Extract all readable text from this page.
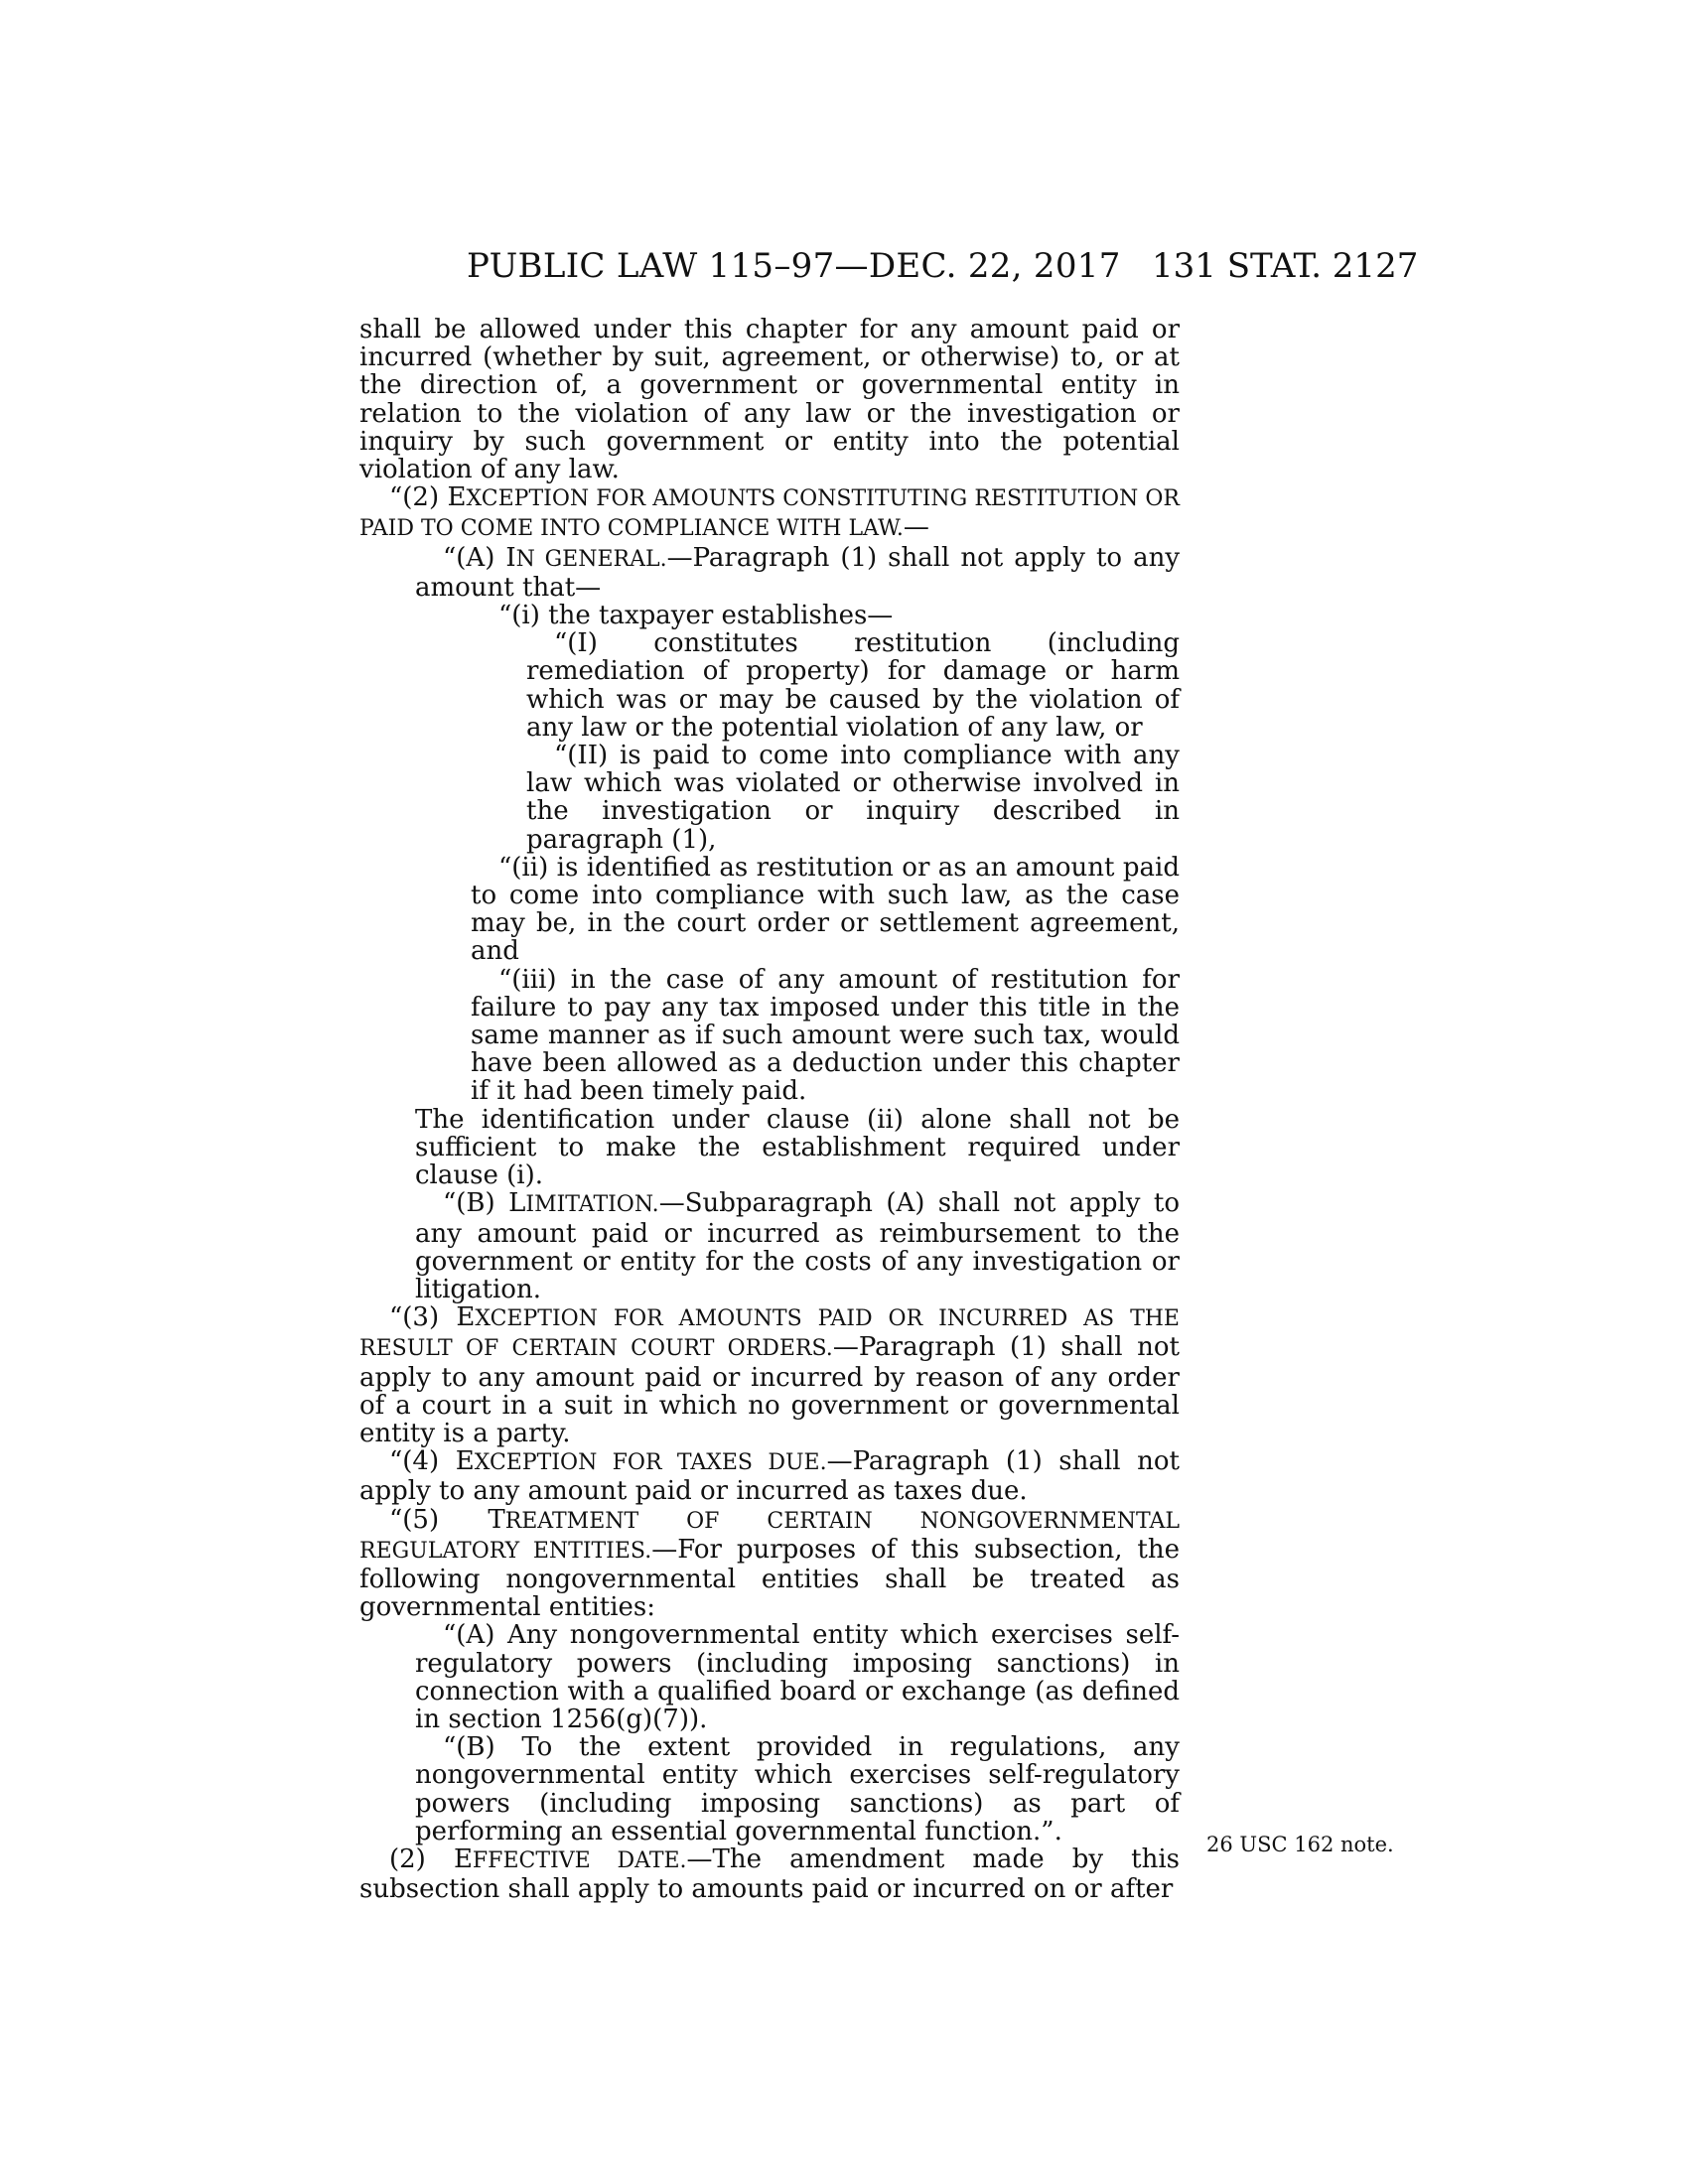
PUBLIC LAW 115–97—DEC. 22, 2017 131 STAT. 2127

shall be allowed under this chapter for any amount paid or incurred (whether by suit, agreement, or otherwise) to, or at the direction of, a government or governmental entity in relation to the violation of any law or the investigation or inquiry by such government or entity into the potential violation of any law.

“(2) EXCEPTION FOR AMOUNTS CONSTITUTING RESTITUTION OR PAID TO COME INTO COMPLIANCE WITH LAW.—

“(A) IN GENERAL.—Paragraph (1) shall not apply to any amount that—

“(i) the taxpayer establishes—

“(I) constitutes restitution (including remediation of property) for damage or harm which was or may be caused by the violation of any law or the potential violation of any law, or

“(II) is paid to come into compliance with any law which was violated or otherwise involved in the investigation or inquiry described in paragraph (1),

“(ii) is identified as restitution or as an amount paid to come into compliance with such law, as the case may be, in the court order or settlement agreement, and

“(iii) in the case of any amount of restitution for failure to pay any tax imposed under this title in the same manner as if such amount were such tax, would have been allowed as a deduction under this chapter if it had been timely paid.

The identification under clause (ii) alone shall not be sufficient to make the establishment required under clause (i).

“(B) LIMITATION.—Subparagraph (A) shall not apply to any amount paid or incurred as reimbursement to the government or entity for the costs of any investigation or litigation.

“(3) EXCEPTION FOR AMOUNTS PAID OR INCURRED AS THE RESULT OF CERTAIN COURT ORDERS.—Paragraph (1) shall not apply to any amount paid or incurred by reason of any order of a court in a suit in which no government or governmental entity is a party.

“(4) EXCEPTION FOR TAXES DUE.—Paragraph (1) shall not apply to any amount paid or incurred as taxes due.

“(5) TREATMENT OF CERTAIN NONGOVERNMENTAL REGULATORY ENTITIES.—For purposes of this subsection, the following nongovernmental entities shall be treated as governmental entities:

“(A) Any nongovernmental entity which exercises self-regulatory powers (including imposing sanctions) in connection with a qualified board or exchange (as defined in section 1256(g)(7)).

“(B) To the extent provided in regulations, any nongovernmental entity which exercises self-regulatory powers (including imposing sanctions) as part of performing an essential governmental function.”.

(2) EFFECTIVE DATE.—The amendment made by this subsection shall apply to amounts paid or incurred on or after

26 USC 162 note.
